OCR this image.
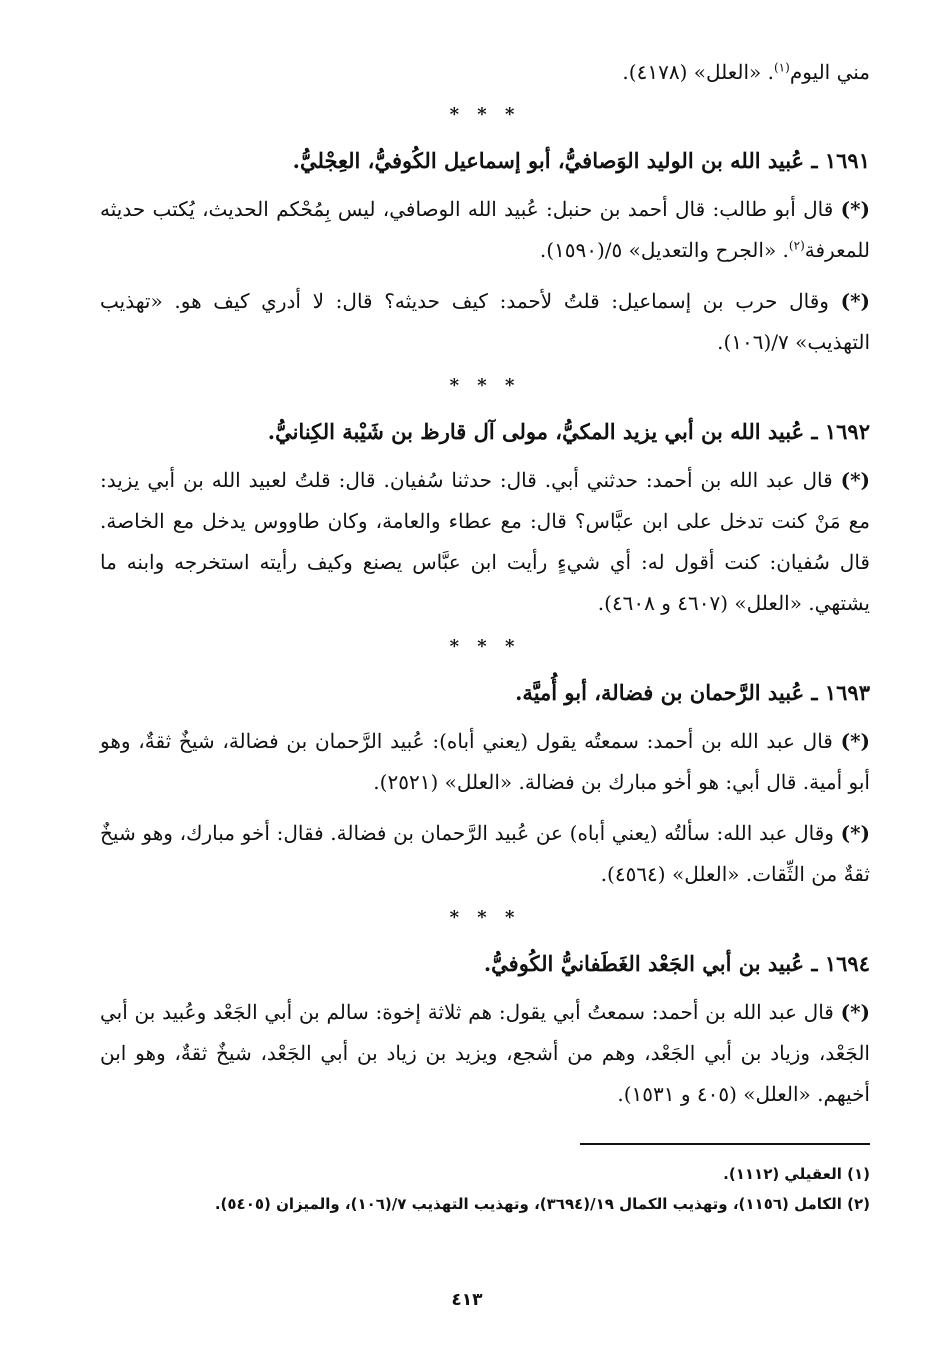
مني اليوم$^{(١)}$. «العلل» (٤١٧٨).

* * *
١٦٩١ ـ عُبيد الله بن الوليد الوَصافيُّ، أبو إسماعيل الكُوفيُّ، العِجْليُّ.

(*) قال أبو طالب: قال أحمد بن حنبل: عُبيد الله الوصافي، ليس بِمُحْكم الحديث، يُكتب حديثه للمعرفة$^{(٢)}$. «الجرح والتعديل» ٥/(١٥٩٠).

(*) وقال حرب بن إسماعيل: قلتُ لأحمد: كيف حديثه؟ قال: لا أدري كيف هو. «تهذيب التهذيب» ٧/(١٠٦).

* * *
١٦٩٢ ـ عُبيد الله بن أبي يزيد المكيُّ، مولى آل قارظ بن شَيْبة الكِنانيُّ.

(*) قال عبد الله بن أحمد: حدثني أبي. قال: حدثنا سُفيان. قال: قلتُ لعبيد الله بن أبي يزيد: مع مَنْ كنت تدخل على ابن عبَّاس؟ قال: مع عطاء والعامة، وكان طاووس يدخل مع الخاصة. قال سُفيان: كنت أقول له: أي شيءٍ رأيت ابن عبَّاس يصنع وكيف رأيته استخرجه وابنه ما يشتهي. «العلل» (٤٦٠٧ و ٤٦٠٨).

* * *
١٦٩٣ ـ عُبيد الرَّحمان بن فضالة، أبو أُميَّة.

(*) قال عبد الله بن أحمد: سمعتُه يقول (يعني أباه): عُبيد الرَّحمان بن فضالة، شيخٌ ثقةٌ، وهو أبو أمية. قال أبي: هو أخو مبارك بن فضالة. «العلل» (٢٥٢١).

(*) وقال عبد الله: سألتُه (يعني أباه) عن عُبيد الرَّحمان بن فضالة. فقال: أخو مبارك، وهو شيخٌ ثقةٌ من الثِّقات. «العلل» (٤٥٦٤).

* * *
١٦٩٤ ـ عُبيد بن أبي الجَعْد الغَطَفانيُّ الكُوفيُّ.

(*) قال عبد الله بن أحمد: سمعتُ أبي يقول: هم ثلاثة إخوة: سالم بن أبي الجَعْد وعُبيد بن أبي الجَعْد، وزياد بن أبي الجَعْد، وهم من أشجع، ويزيد بن زياد بن أبي الجَعْد، شيخٌ ثقةٌ، وهو ابن أخيهم. «العلل» (٤٠٥ و ١٥٣١).

(١) العقيلي (١١١٢).

(٢) الكامل (١١٥٦)، وتهذيب الكمال ١٩/(٣٦٩٤)، وتهذيب التهذيب ٧/(١٠٦)، والميزان (٥٤٠٥).

٤١٣
